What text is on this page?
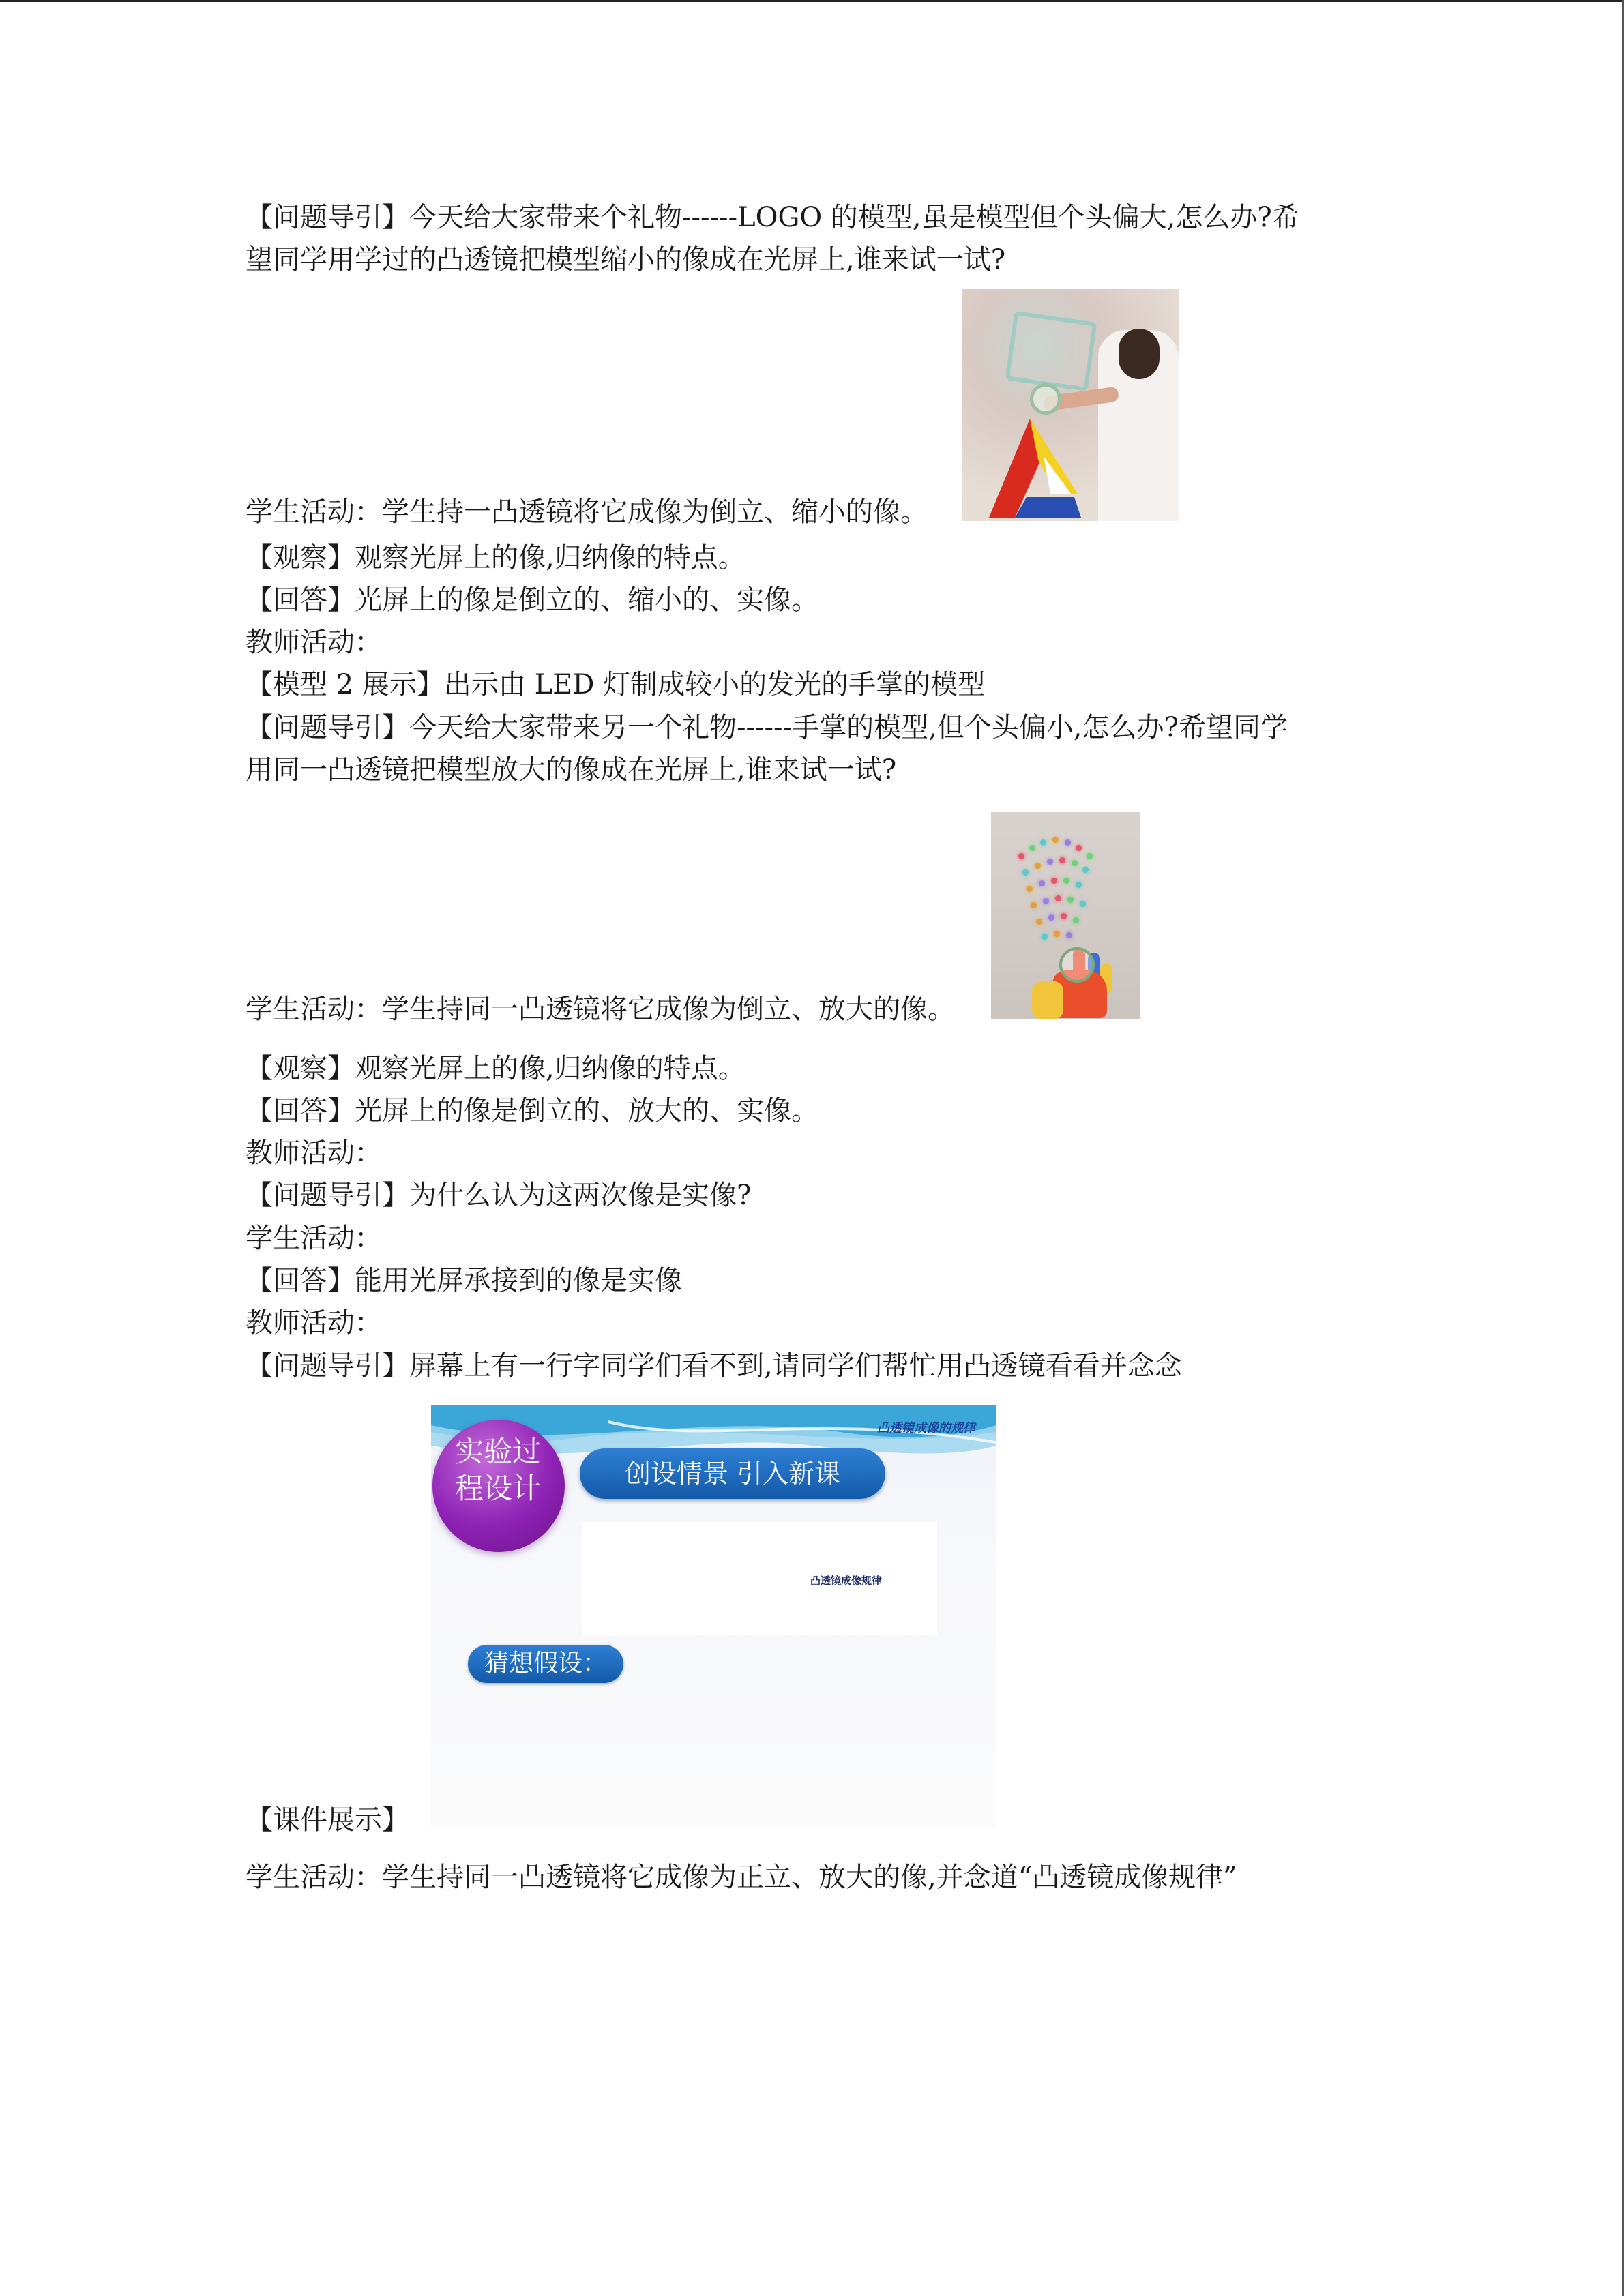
【问题导引】今天给大家带来个礼物------LOGO 的模型,虽是模型但个头偏大,怎么办?希
望同学用学过的凸透镜把模型缩小的像成在光屏上,谁来试一试?
学生活动：学生持一凸透镜将它成像为倒立、缩小的像。
【观察】观察光屏上的像,归纳像的特点。
【回答】光屏上的像是倒立的、缩小的、实像。
教师活动：
【模型 2 展示】出示由 LED 灯制成较小的发光的手掌的模型
【问题导引】今天给大家带来另一个礼物------手掌的模型,但个头偏小,怎么办?希望同学
用同一凸透镜把模型放大的像成在光屏上,谁来试一试?
学生活动：学生持同一凸透镜将它成像为倒立、放大的像。
【观察】观察光屏上的像,归纳像的特点。
【回答】光屏上的像是倒立的、放大的、实像。
教师活动：
【问题导引】为什么认为这两次像是实像?
学生活动：
【回答】能用光屏承接到的像是实像
教师活动：
【问题导引】屏幕上有一行字同学们看不到,请同学们帮忙用凸透镜看看并念念
凸透镜成像的规律
实验过
程设计	创设情景 引入新课
凸透镜成像规律
猜想假设：
【课件展示】
学生活动：学生持同一凸透镜将它成像为正立、放大的像,并念道“凸透镜成像规律”
